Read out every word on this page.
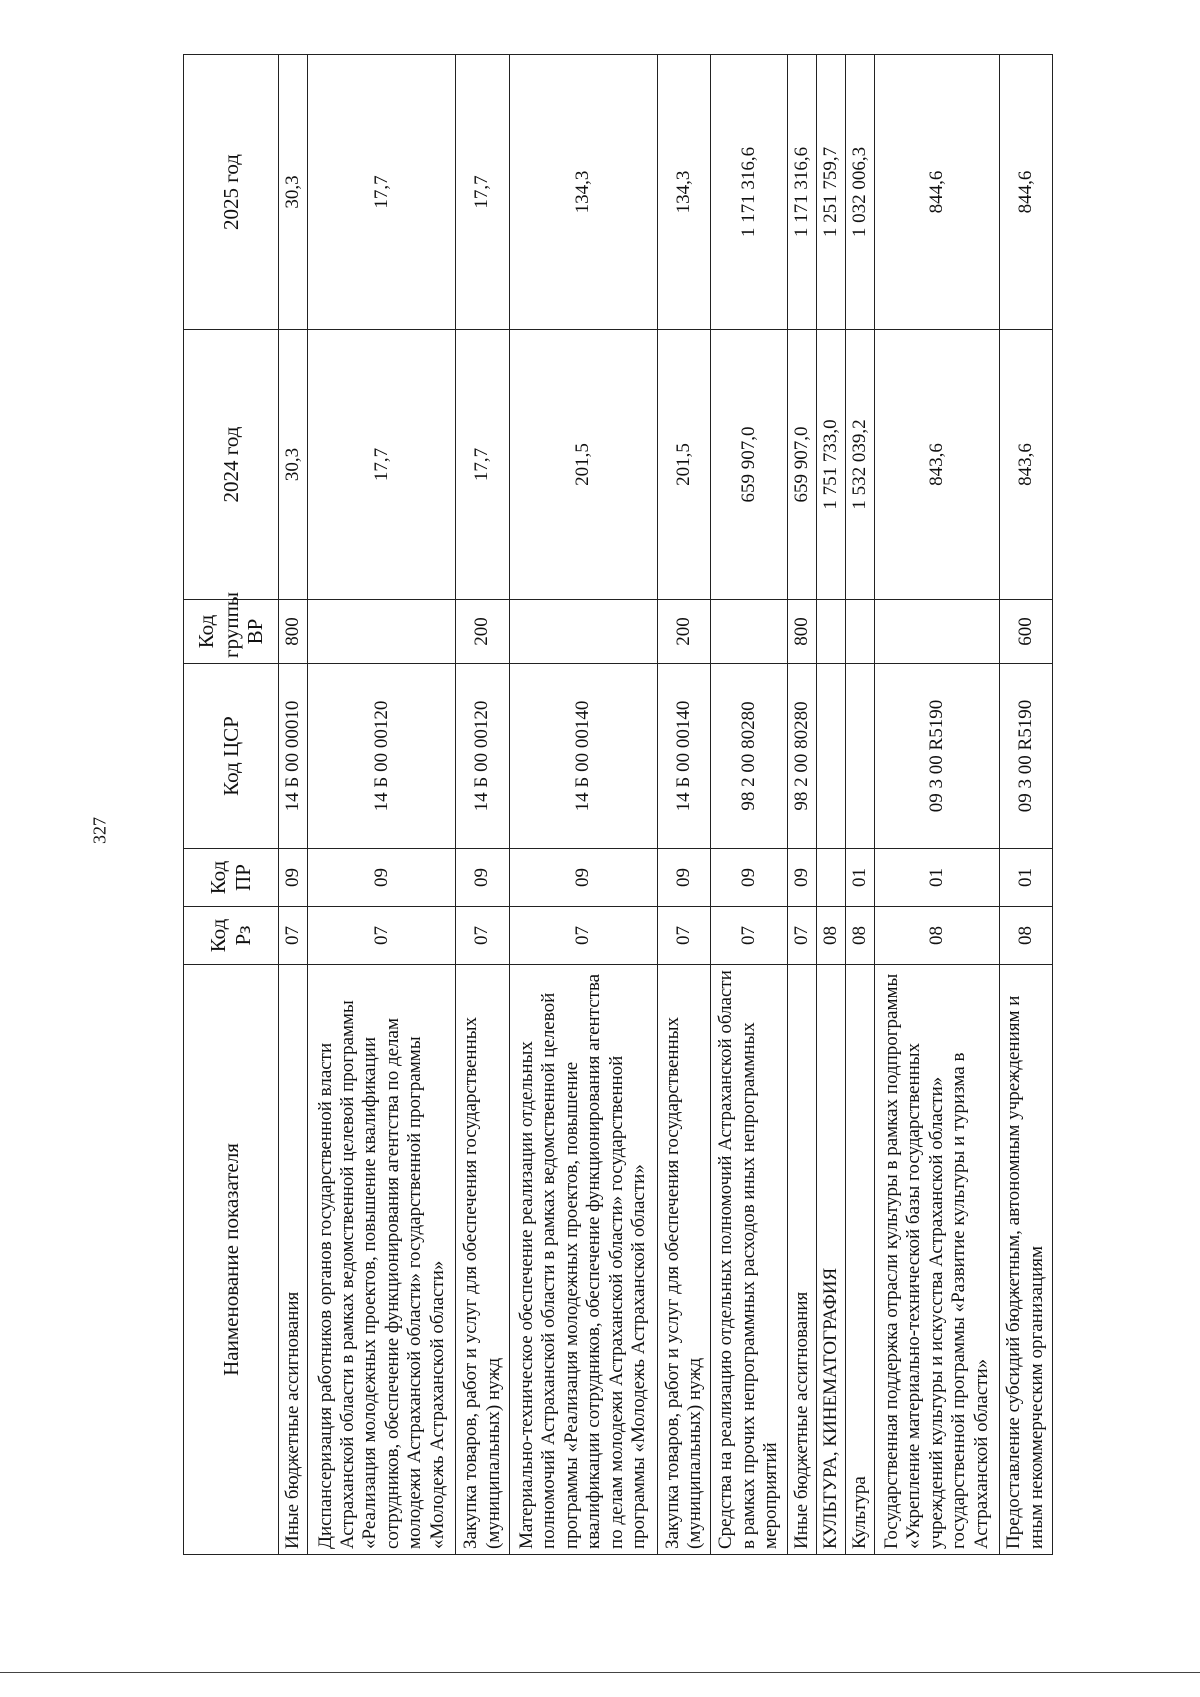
327
Наименование показателя	Код Рз	Код ПР	Код ЦСР	Код группы ВР	2024 год	2025 год
Иные бюджетные ассигнования	07	09	14 Б 00 00010	800	30,3	30,3
Диспансеризация работников органов государственной власти Астраханской области в рамках ведомственной целевой программы «Реализация молодежных проектов, повышение квалификации сотрудников, обеспечение функционирования агентства по делам молодежи Астраханской области» государственной программы «Молодежь Астраханской области»	07	09	14 Б 00 00120		17,7	17,7
Закупка товаров, работ и услуг для обеспечения государственных (муниципальных) нужд	07	09	14 Б 00 00120	200	17,7	17,7
Материально-техническое обеспечение реализации отдельных полномочий Астраханской области в рамках ведомственной целевой программы «Реализация молодежных проектов, повышение квалификации сотрудников, обеспечение функционирования агентства по делам молодежи Астраханской области» государственной программы «Молодежь Астраханской области»	07	09	14 Б 00 00140		201,5	134,3
Закупка товаров, работ и услуг для обеспечения государственных (муниципальных) нужд	07	09	14 Б 00 00140	200	201,5	134,3
Средства на реализацию отдельных полномочий Астраханской области в рамках прочих непрограммных расходов иных непрограммных мероприятий	07	09	98 2 00 80280		659 907,0	1 171 316,6
Иные бюджетные ассигнования	07	09	98 2 00 80280	800	659 907,0	1 171 316,6
КУЛЬТУРА, КИНЕМАТОГРАФИЯ	08				1 751 733,0	1 251 759,7
Культура	08	01			1 532 039,2	1 032 006,3
Государственная поддержка отрасли культуры в рамках подпрограммы «Укрепление материально-технической базы государственных учреждений культуры и искусства Астраханской области» государственной программы «Развитие культуры и туризма в Астраханской области»	08	01	09 3 00 R5190		843,6	844,6
Предоставление субсидий бюджетным, автономным учреждениям и иным некоммерческим организациям	08	01	09 3 00 R5190	600	843,6	844,6
